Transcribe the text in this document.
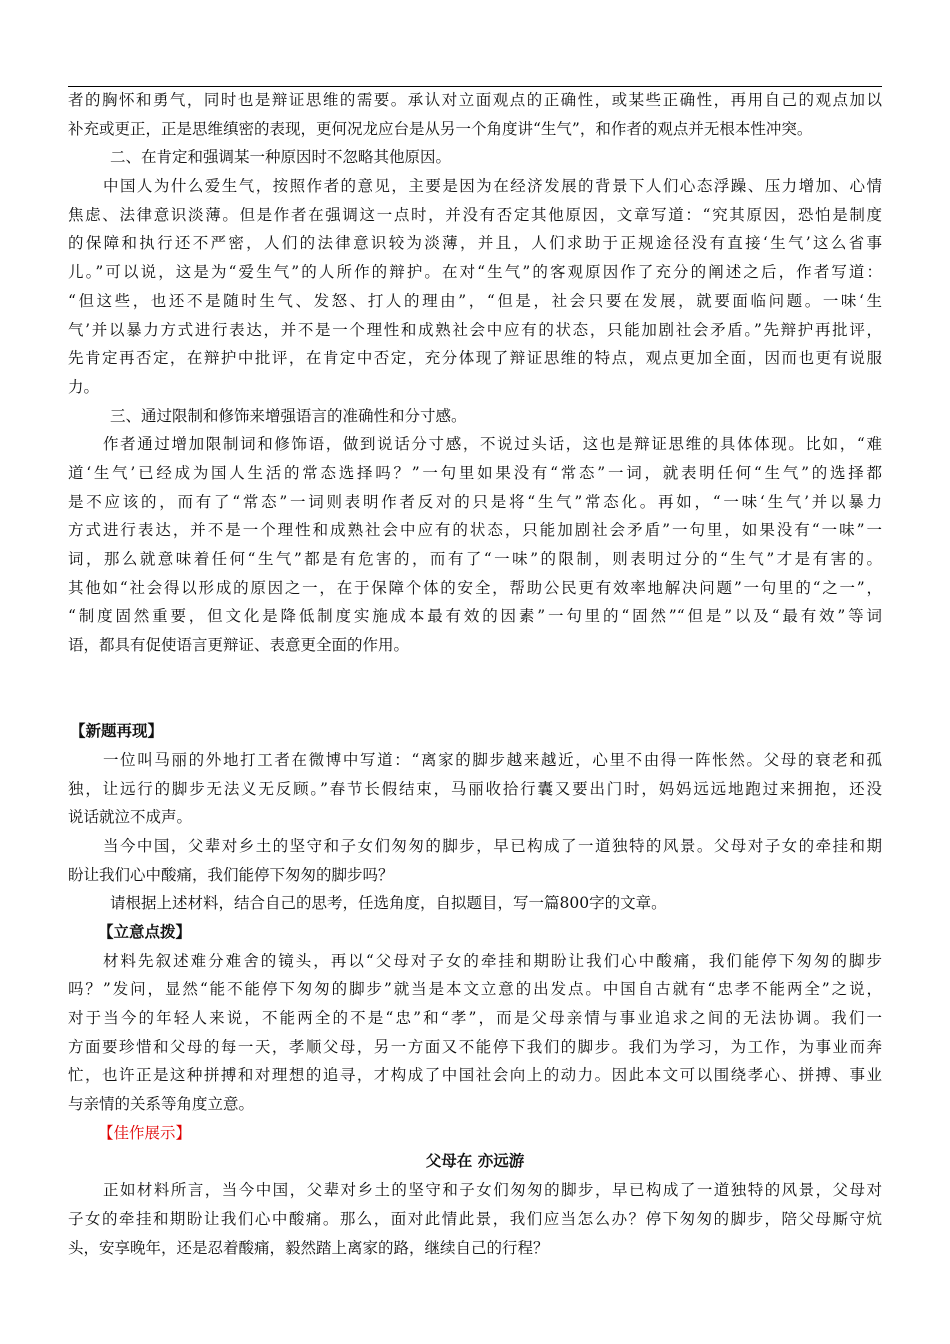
者的胸怀和勇气，同时也是辩证思维的需要。承认对立面观点的正确性，或某些正确性，再用自己的观点加以
补充或更正，正是思维缜密的表现，更何况龙应台是从另一个角度讲“生气”，和作者的观点并无根本性冲突。
二、在肯定和强调某一种原因时不忽略其他原因。
中国人为什么爱生气，按照作者的意见，主要是因为在经济发展的背景下人们心态浮躁、压力增加、心情
焦虑、法律意识淡薄。但是作者在强调这一点时，并没有否定其他原因，文章写道：“究其原因，恐怕是制度
的保障和执行还不严密，人们的法律意识较为淡薄，并且，人们求助于正规途径没有直接‘生气’这么省事
儿。”可以说，这是为“爱生气”的人所作的辩护。在对“生气”的客观原因作了充分的阐述之后，作者写道：
“但这些，也还不是随时生气、发怒、打人的理由”，“但是，社会只要在发展，就要面临问题。一味‘生
气’并以暴力方式进行表达，并不是一个理性和成熟社会中应有的状态，只能加剧社会矛盾。”先辩护再批评，
先肯定再否定，在辩护中批评，在肯定中否定，充分体现了辩证思维的特点，观点更加全面，因而也更有说服
力。
三、通过限制和修饰来增强语言的准确性和分寸感。
作者通过增加限制词和修饰语，做到说话分寸感，不说过头话，这也是辩证思维的具体体现。比如，“难
道‘生气’已经成为国人生活的常态选择吗？”一句里如果没有“常态”一词，就表明任何“生气”的选择都
是不应该的，而有了“常态”一词则表明作者反对的只是将“生气”常态化。再如，“一味‘生气’并以暴力
方式进行表达，并不是一个理性和成熟社会中应有的状态，只能加剧社会矛盾”一句里，如果没有“一味”一
词，那么就意味着任何“生气”都是有危害的，而有了“一味”的限制，则表明过分的“生气”才是有害的。
其他如“社会得以形成的原因之一，在于保障个体的安全，帮助公民更有效率地解决问题”一句里的“之一”，
“制度固然重要，但文化是降低制度实施成本最有效的因素”一句里的“固然”“但是”以及“最有效”等词
语，都具有促使语言更辩证、表意更全面的作用。
【新题再现】
一位叫马丽的外地打工者在微博中写道：“离家的脚步越来越近，心里不由得一阵怅然。父母的衰老和孤
独，让远行的脚步无法义无反顾。”春节长假结束，马丽收拾行囊又要出门时，妈妈远远地跑过来拥抱，还没
说话就泣不成声。
当今中国，父辈对乡土的坚守和子女们匆匆的脚步，早已构成了一道独特的风景。父母对子女的牵挂和期
盼让我们心中酸痛，我们能停下匆匆的脚步吗？
请根据上述材料，结合自己的思考，任选角度，自拟题目，写一篇800字的文章。
【立意点拨】
材料先叙述难分难舍的镜头，再以“父母对子女的牵挂和期盼让我们心中酸痛，我们能停下匆匆的脚步
吗？”发问，显然“能不能停下匆匆的脚步”就当是本文立意的出发点。中国自古就有“忠孝不能两全”之说，
对于当今的年轻人来说，不能两全的不是“忠”和“孝”，而是父母亲情与事业追求之间的无法协调。我们一
方面要珍惜和父母的每一天，孝顺父母，另一方面又不能停下我们的脚步。我们为学习，为工作，为事业而奔
忙，也许正是这种拼搏和对理想的追寻，才构成了中国社会向上的动力。因此本文可以围绕孝心、拼搏、事业
与亲情的关系等角度立意。
【佳作展示】
父母在 亦远游
正如材料所言，当今中国，父辈对乡土的坚守和子女们匆匆的脚步，早已构成了一道独特的风景，父母对
子女的牵挂和期盼让我们心中酸痛。那么，面对此情此景，我们应当怎么办？停下匆匆的脚步，陪父母厮守炕
头，安享晚年，还是忍着酸痛，毅然踏上离家的路，继续自己的行程？
